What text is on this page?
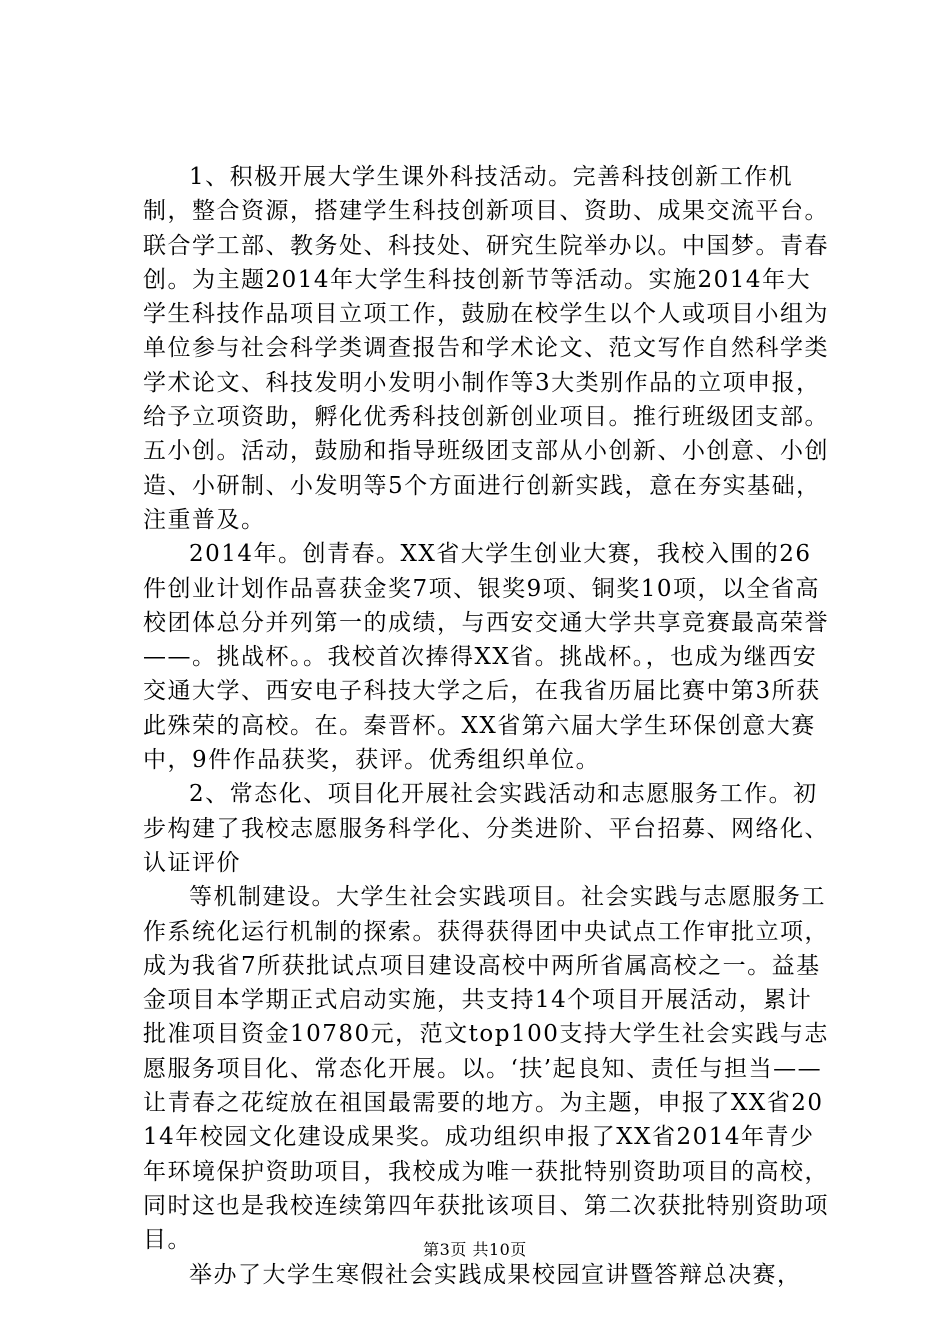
1、积极开展大学生课外科技活动。完善科技创新工作机制，整合资源，搭建学生科技创新项目、资助、成果交流平台。联合学工部、教务处、科技处、研究生院举办以。中国梦。青春创。为主题2014年大学生科技创新节等活动。实施2014年大学生科技作品项目立项工作，鼓励在校学生以个人或项目小组为单位参与社会科学类调查报告和学术论文、范文写作自然科学类学术论文、科技发明小发明小制作等3大类别作品的立项申报，给予立项资助，孵化优秀科技创新创业项目。推行班级团支部。五小创。活动，鼓励和指导班级团支部从小创新、小创意、小创造、小研制、小发明等5个方面进行创新实践，意在夯实基础，注重普及。

2014年。创青春。XX省大学生创业大赛，我校入围的26件创业计划作品喜获金奖7项、银奖9项、铜奖10项，以全省高校团体总分并列第一的成绩，与西安交通大学共享竞赛最高荣誉——。挑战杯。。我校首次捧得XX省。挑战杯。，也成为继西安交通大学、西安电子科技大学之后，在我省历届比赛中第3所获此殊荣的高校。在。秦晋杯。XX省第六届大学生环保创意大赛中，9件作品获奖，获评。优秀组织单位。

2、常态化、项目化开展社会实践活动和志愿服务工作。初步构建了我校志愿服务科学化、分类进阶、平台招募、网络化、认证评价

等机制建设。大学生社会实践项目。社会实践与志愿服务工作系统化运行机制的探索。获得获得团中央试点工作审批立项，成为我省7所获批试点项目建设高校中两所省属高校之一。益基金项目本学期正式启动实施，共支持14个项目开展活动，累计批准项目资金10780元，范文top100支持大学生社会实践与志愿服务项目化、常态化开展。以。‘扶’起良知、责任与担当——让青春之花绽放在祖国最需要的地方。为主题，申报了XX省2014年校园文化建设成果奖。成功组织申报了XX省2014年青少年环境保护资助项目，我校成为唯一获批特别资助项目的高校，同时这也是我校连续第四年获批该项目、第二次获批特别资助项目。

举办了大学生寒假社会实践成果校园宣讲暨答辩总决赛，

第3页 共10页
